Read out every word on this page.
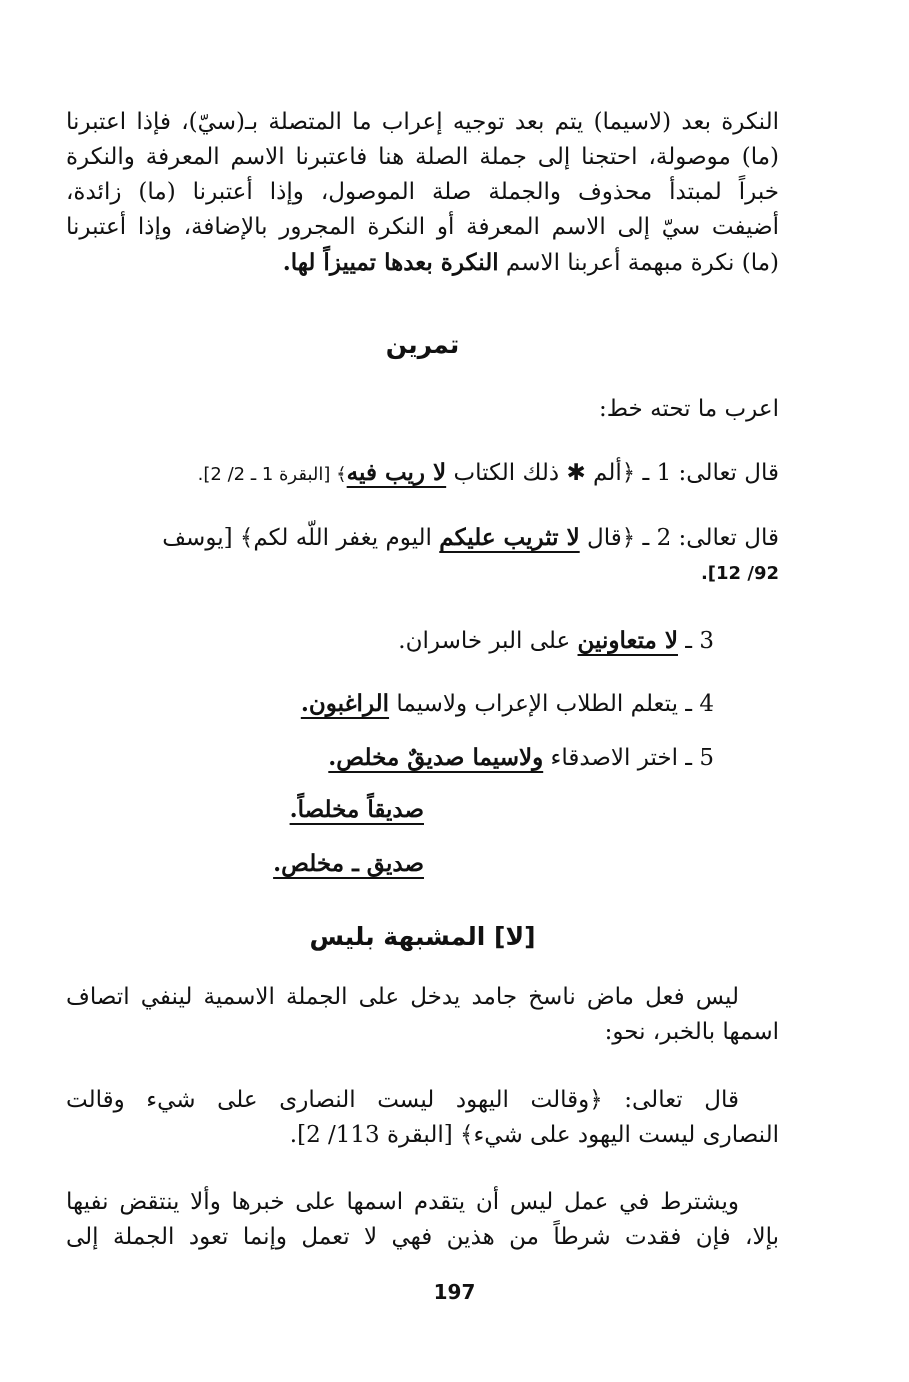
النكرة بعد (لاسيما) يتم بعد توجيه إعراب ما المتصلة بـ(سيّ)، فإذا اعتبرنا
(ما) موصولة، احتجنا إلى جملة الصلة هنا فاعتبرنا الاسم المعرفة والنكرة
خبراً لمبتدأ محذوف والجملة صلة الموصول، وإذا أعتبرنا (ما) زائدة،
أضيفت سيّ إلى الاسم المعرفة أو النكرة المجرور بالإضافة، وإذا أعتبرنا
(ما) نكرة مبهمة أعربنا الاسم النكرة بعدها تمييزاً لها.
تمرين
اعرب ما تحته خط:
قال تعالى: 1 ـ ﴿ألم ✱ ذلك الكتاب لا ريب فيه﴾ [البقرة 1 ـ 2/ 2].
قال تعالى: 2 ـ ﴿قال لا تثريب عليكم اليوم يغفر اللّه لكم﴾ [يوسف
92/ 12].
3 ـ لا متعاونين على البر خاسران.
4 ـ يتعلم الطلاب الإعراب ولاسيما الراغبون.
5 ـ اختر الاصدقاء ولاسيما صديقٌ مخلص.
صديقاً مخلصاً.
صديق ـ مخلص.
[لا] المشبهة بليس
ليس فعل ماض ناسخ جامد يدخل على الجملة الاسمية لينفي اتصاف
اسمها بالخبر، نحو:
قال تعالى: ﴿وقالت اليهود ليست النصارى على شيء وقالت
النصارى ليست اليهود على شيء﴾ [البقرة 113/ 2].
ويشترط في عمل ليس أن يتقدم اسمها على خبرها وألا ينتقض نفيها
بإلا، فإن فقدت شرطاً من هذين فهي لا تعمل وإنما تعود الجملة إلى
197
